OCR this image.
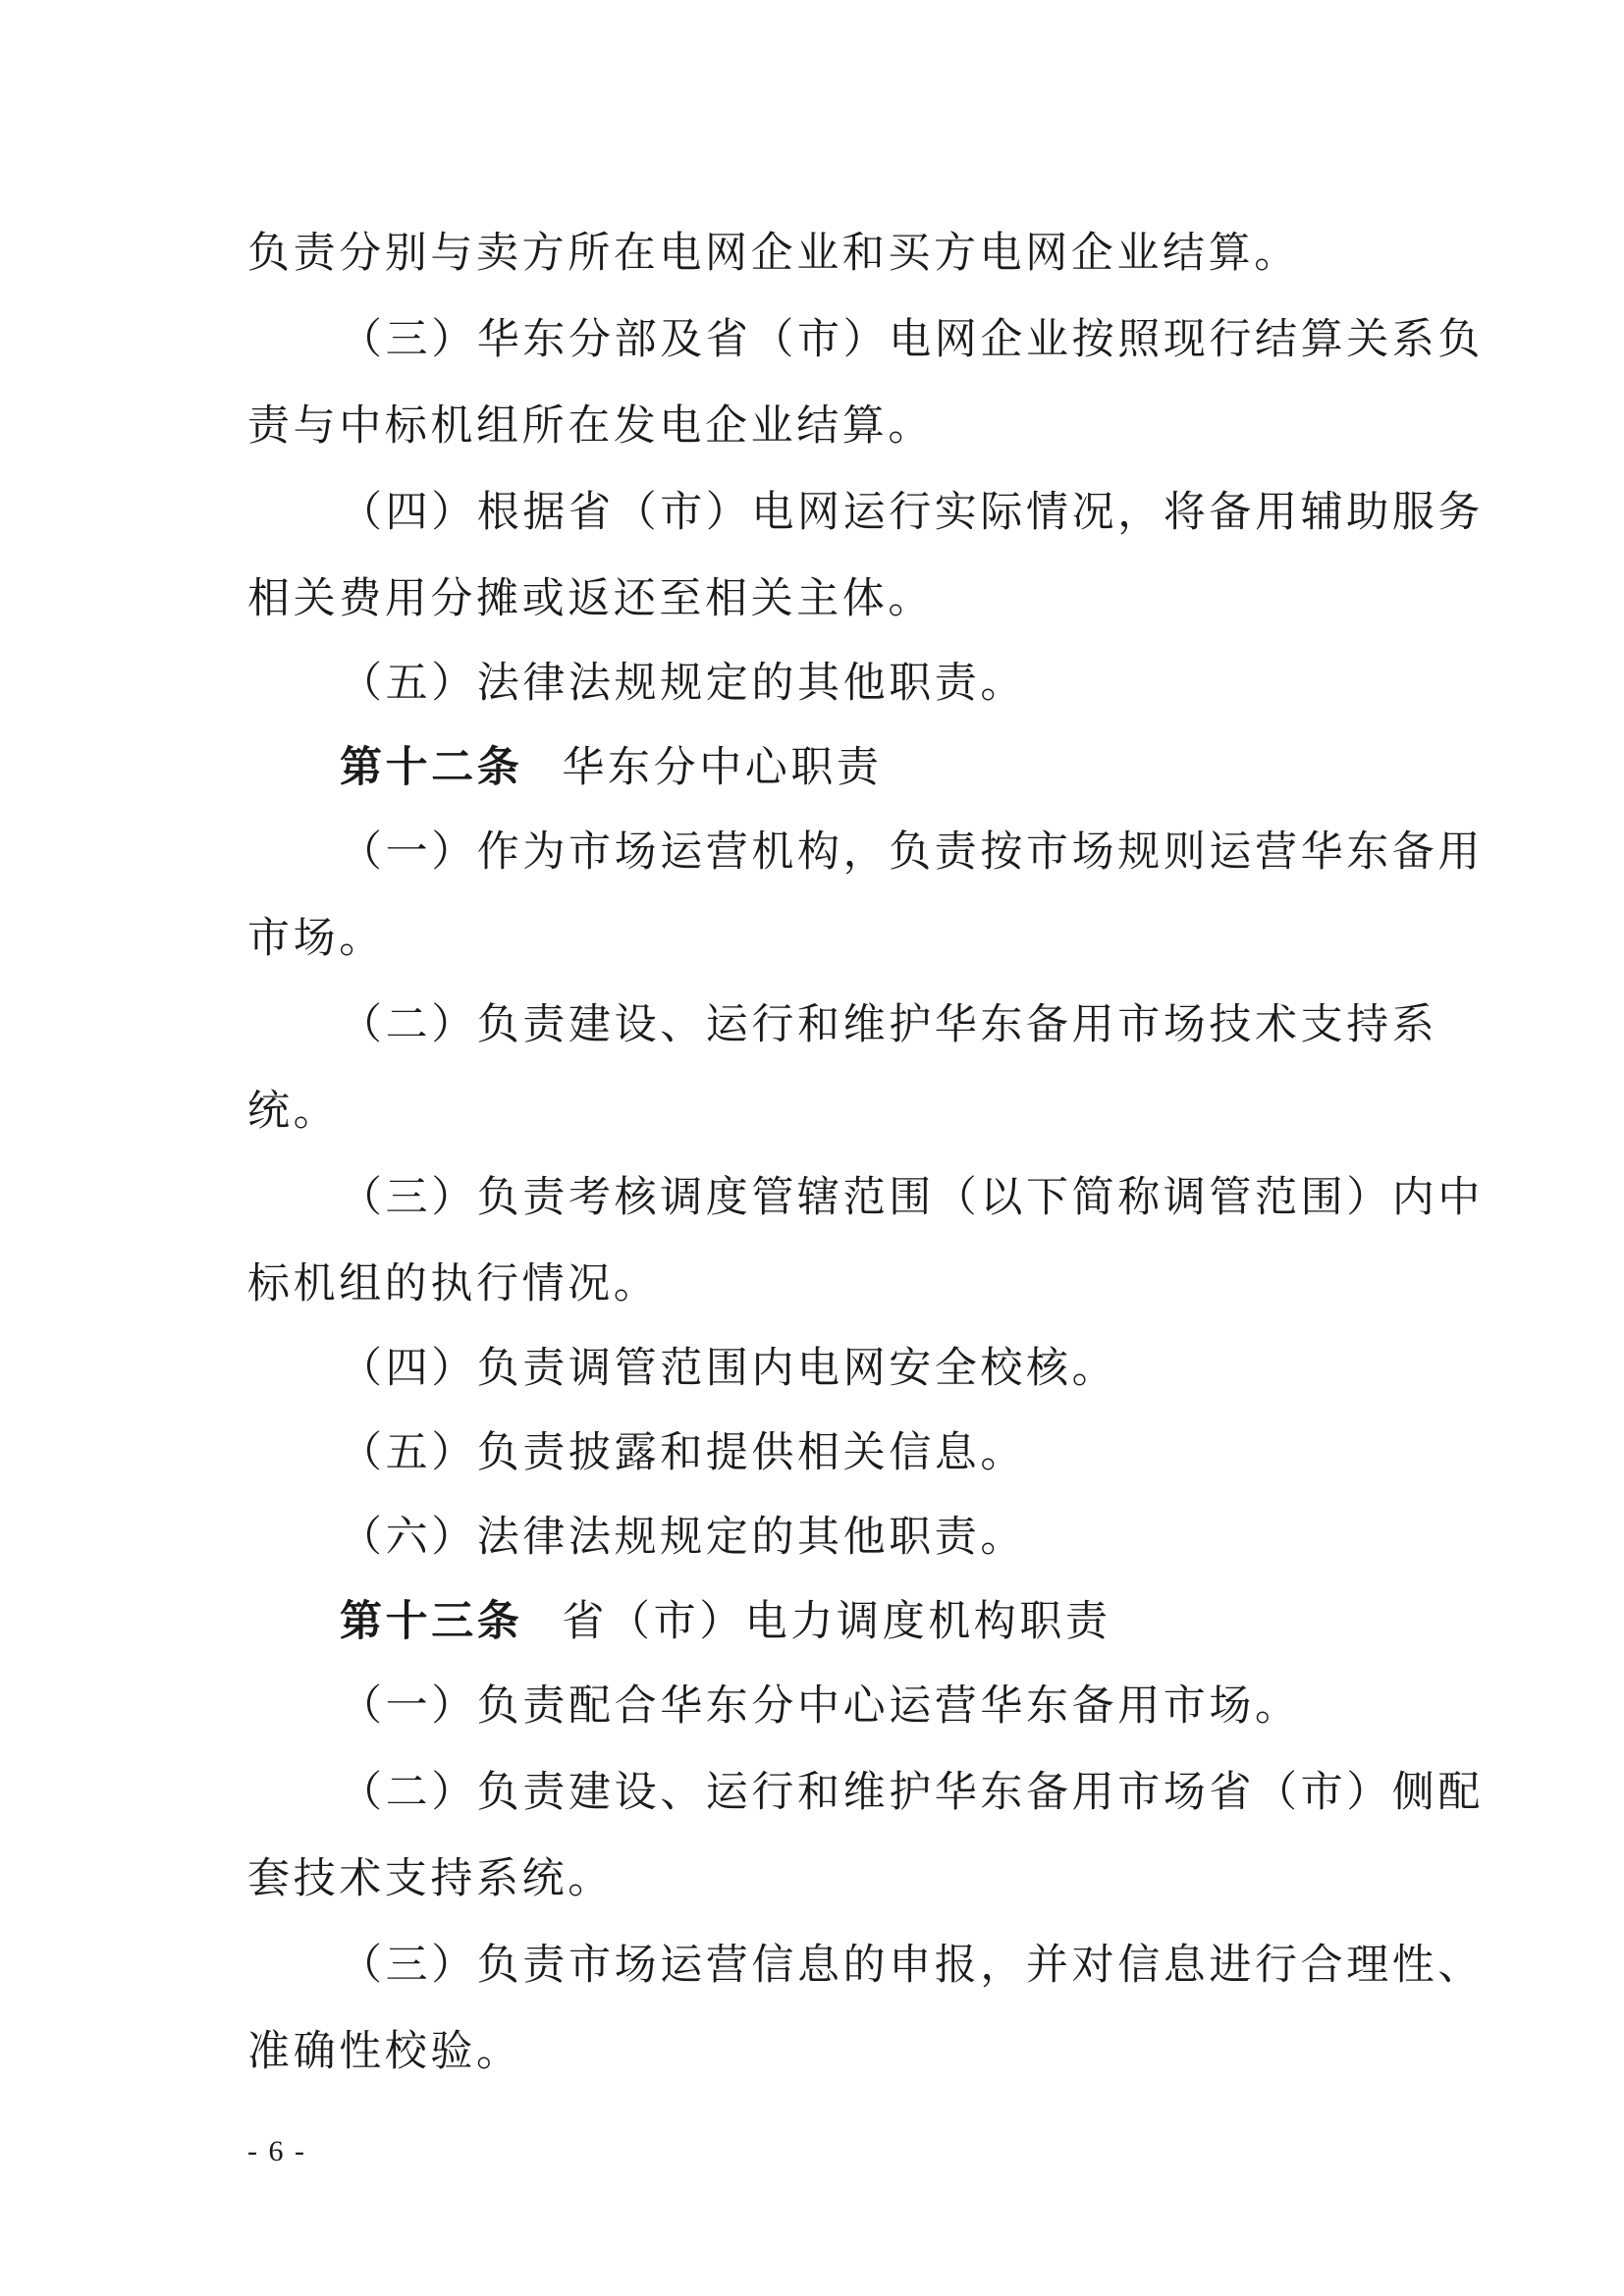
负责分别与卖方所在电网企业和买方电网企业结算。
（三）华东分部及省（市）电网企业按照现行结算关系负
责与中标机组所在发电企业结算。
（四）根据省（市）电网运行实际情况，将备用辅助服务
相关费用分摊或返还至相关主体。
（五）法律法规规定的其他职责。
第十二条 华东分中心职责
（一）作为市场运营机构，负责按市场规则运营华东备用
市场。
（二）负责建设、运行和维护华东备用市场技术支持系
统。
（三）负责考核调度管辖范围（以下简称调管范围）内中
标机组的执行情况。
（四）负责调管范围内电网安全校核。
（五）负责披露和提供相关信息。
（六）法律法规规定的其他职责。
第十三条 省（市）电力调度机构职责
（一）负责配合华东分中心运营华东备用市场。
（二）负责建设、运行和维护华东备用市场省（市）侧配
套技术支持系统。
（三）负责市场运营信息的申报，并对信息进行合理性、
准确性校验。
- 6 -
